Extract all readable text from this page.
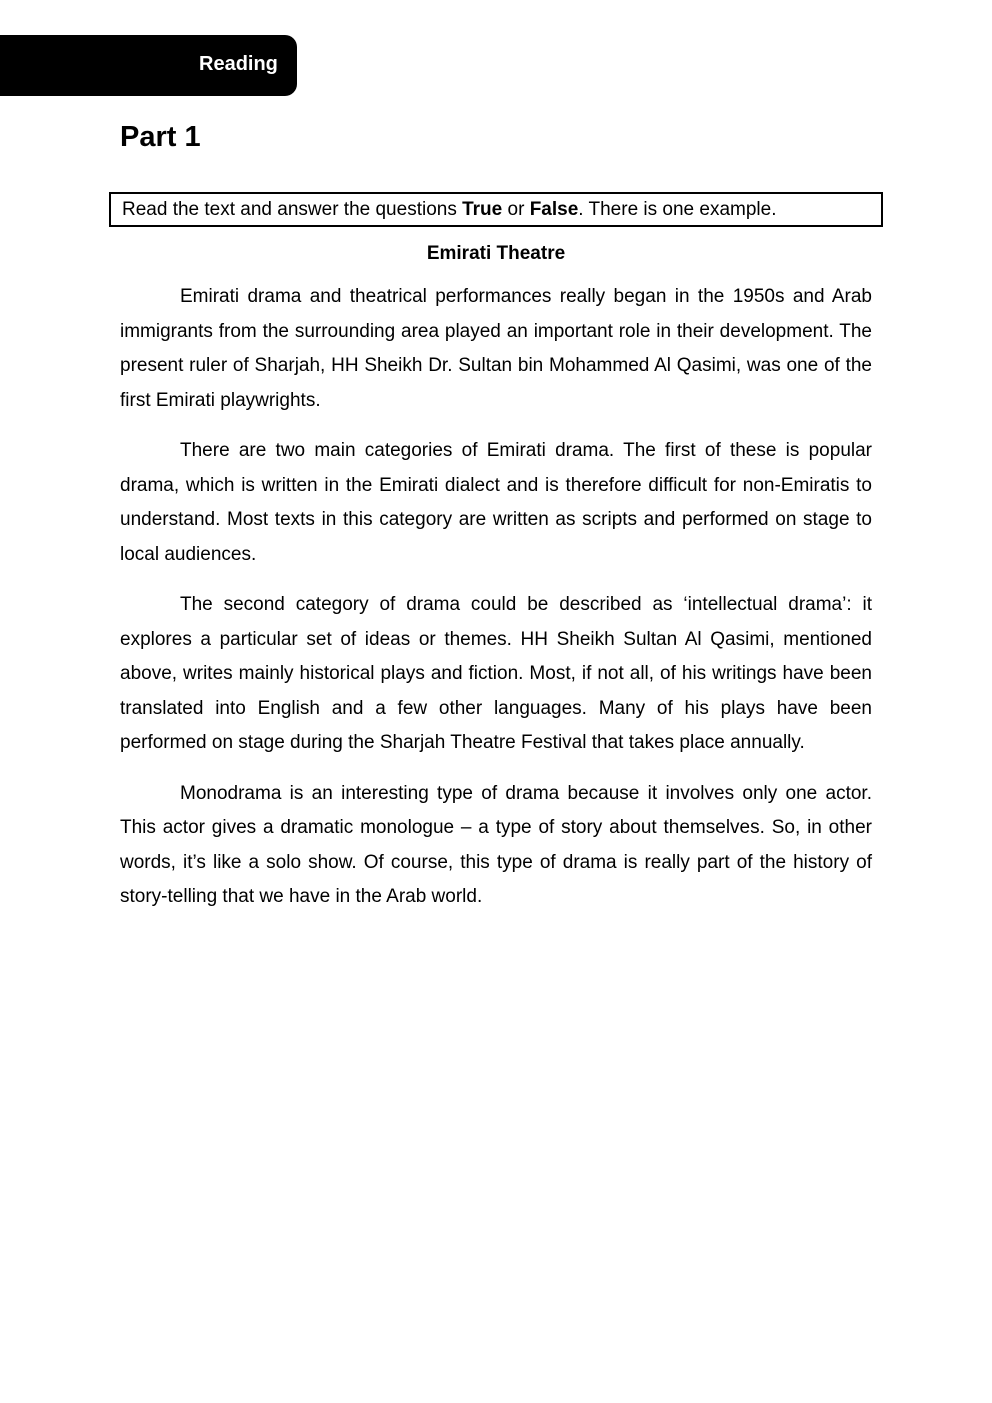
Reading
Part 1
Read the text and answer the questions True or False. There is one example.
Emirati Theatre

Emirati drama and theatrical performances really began in the 1950s and Arab immigrants from the surrounding area played an important role in their development. The present ruler of Sharjah, HH Sheikh Dr. Sultan bin Mohammed Al Qasimi, was one of the first Emirati playwrights.

There are two main categories of Emirati drama. The first of these is popular drama, which is written in the Emirati dialect and is therefore difficult for non-Emiratis to understand. Most texts in this category are written as scripts and performed on stage to local audiences.

The second category of drama could be described as ‘intellectual drama’: it explores a particular set of ideas or themes. HH Sheikh Sultan Al Qasimi, mentioned above, writes mainly historical plays and fiction. Most, if not all, of his writings have been translated into English and a few other languages. Many of his plays have been performed on stage during the Sharjah Theatre Festival that takes place annually.

Monodrama is an interesting type of drama because it involves only one actor. This actor gives a dramatic monologue – a type of story about themselves. So, in other words, it’s like a solo show. Of course, this type of drama is really part of the history of story-telling that we have in the Arab world.
